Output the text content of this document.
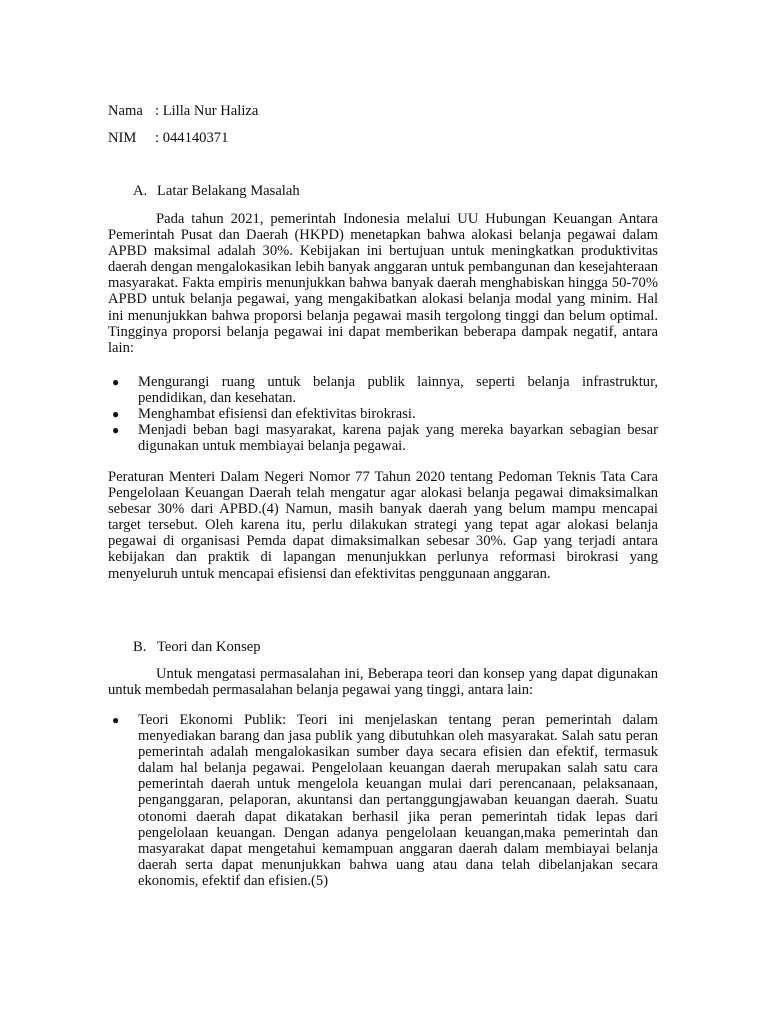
Nama : Lilla Nur Haliza
NIM : 044140371
A. Latar Belakang Masalah

Pada tahun 2021, pemerintah Indonesia melalui UU Hubungan Keuangan Antara Pemerintah Pusat dan Daerah (HKPD) menetapkan bahwa alokasi belanja pegawai dalam APBD maksimal adalah 30%. Kebijakan ini bertujuan untuk meningkatkan produktivitas daerah dengan mengalokasikan lebih banyak anggaran untuk pembangunan dan kesejahteraan masyarakat. Fakta empiris menunjukkan bahwa banyak daerah menghabiskan hingga 50-70% APBD untuk belanja pegawai, yang mengakibatkan alokasi belanja modal yang minim. Hal ini menunjukkan bahwa proporsi belanja pegawai masih tergolong tinggi dan belum optimal. Tingginya proporsi belanja pegawai ini dapat memberikan beberapa dampak negatif, antara lain:

● Mengurangi ruang untuk belanja publik lainnya, seperti belanja infrastruktur, pendidikan, dan kesehatan.
● Menghambat efisiensi dan efektivitas birokrasi.
● Menjadi beban bagi masyarakat, karena pajak yang mereka bayarkan sebagian besar digunakan untuk membiayai belanja pegawai.

Peraturan Menteri Dalam Negeri Nomor 77 Tahun 2020 tentang Pedoman Teknis Tata Cara Pengelolaan Keuangan Daerah telah mengatur agar alokasi belanja pegawai dimaksimalkan sebesar 30% dari APBD.(4) Namun, masih banyak daerah yang belum mampu mencapai target tersebut. Oleh karena itu, perlu dilakukan strategi yang tepat agar alokasi belanja pegawai di organisasi Pemda dapat dimaksimalkan sebesar 30%. Gap yang terjadi antara kebijakan dan praktik di lapangan menunjukkan perlunya reformasi birokrasi yang menyeluruh untuk mencapai efisiensi dan efektivitas penggunaan anggaran.

B. Teori dan Konsep

Untuk mengatasi permasalahan ini, Beberapa teori dan konsep yang dapat digunakan untuk membedah permasalahan belanja pegawai yang tinggi, antara lain:

● Teori Ekonomi Publik: Teori ini menjelaskan tentang peran pemerintah dalam menyediakan barang dan jasa publik yang dibutuhkan oleh masyarakat. Salah satu peran pemerintah adalah mengalokasikan sumber daya secara efisien dan efektif, termasuk dalam hal belanja pegawai. Pengelolaan keuangan daerah merupakan salah satu cara pemerintah daerah untuk mengelola keuangan mulai dari perencanaan, pelaksanaan, penganggaran, pelaporan, akuntansi dan pertanggungjawaban keuangan daerah. Suatu otonomi daerah dapat dikatakan berhasil jika peran pemerintah tidak lepas dari pengelolaan keuangan. Dengan adanya pengelolaan keuangan,maka pemerintah dan masyarakat dapat mengetahui kemampuan anggaran daerah dalam membiayai belanja daerah serta dapat menunjukkan bahwa uang atau dana telah dibelanjakan secara ekonomis, efektif dan efisien.(5)
